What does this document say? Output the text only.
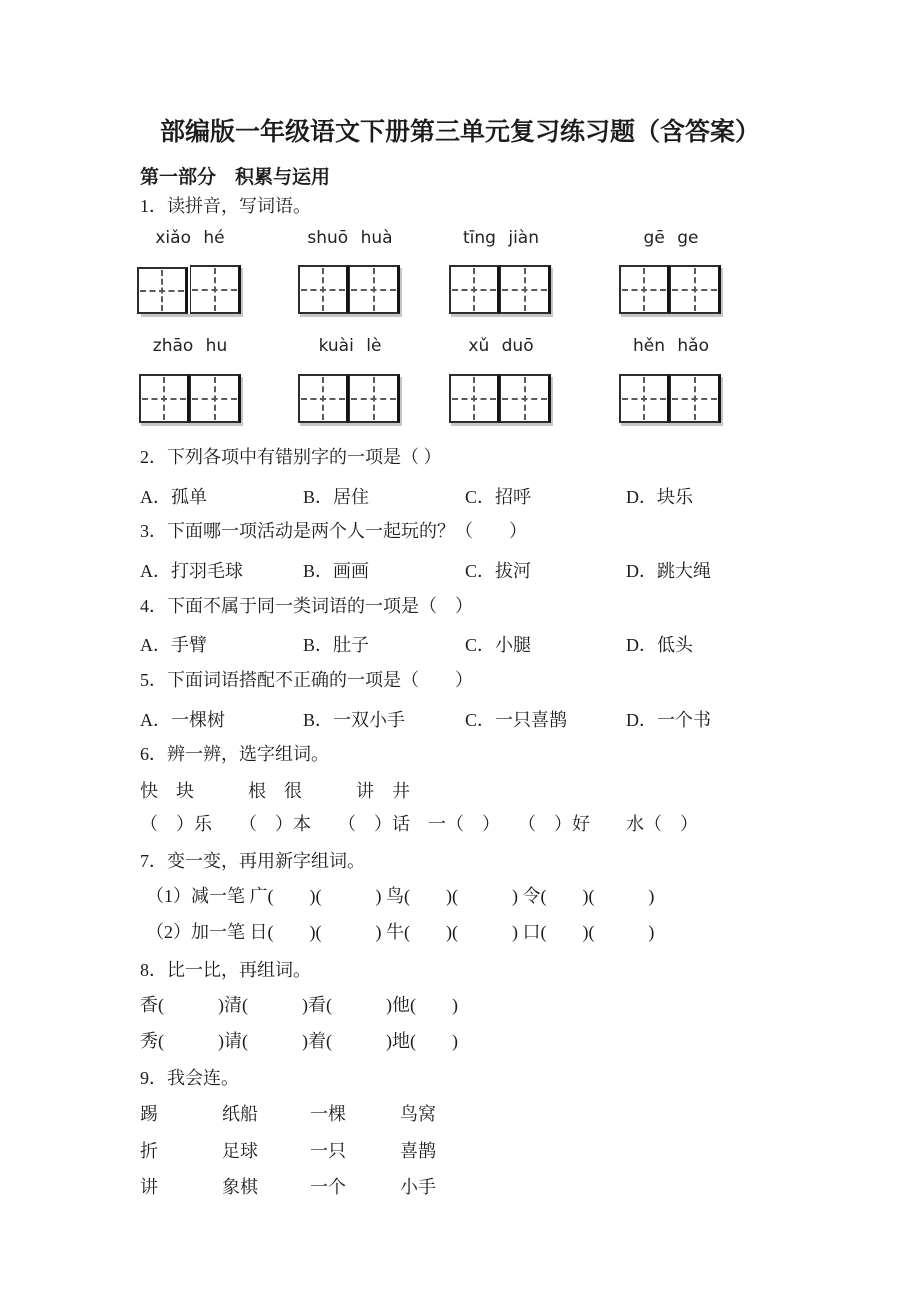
部编版一年级语文下册第三单元复习练习题（含答案）
第一部分　积累与运用
1．读拼音，写词语。
xiǎo hé	shuō huà	tīng jiàn	gē ge
zhāo hu	kuài lè	xǔ duō	hěn hǎo
2．下列各项中有错别字的一项是（ ）
A．孤单	B．居住	C．招呼	D．块乐
3．下面哪一项活动是两个人一起玩的？（　　）
A．打羽毛球	B．画画	C．拔河	D．跳大绳
4．下面不属于同一类词语的一项是（　）
A．手臂	B．肚子	C．小腿	D．低头
5．下面词语搭配不正确的一项是（　　）
A．一棵树	B．一双小手	C．一只喜鹊	D．一个书
6．辨一辨，选字组词。
快　块　　　根　很　　　讲　井
（　）乐　　（　）本　　（　）话　一（　）　　（　）好　　水（　）
7．变一变，再用新字组词。
（1）减一笔 广(　　)(　　　) 鸟(　　)(　　　) 令(　　)(　　　)
（2）加一笔 日(　　)(　　　) 牛(　　)(　　　) 口(　　)(　　　)
8．比一比，再组词。
香(　　　)清(　　　)看(　　　)他(　　)
秀(　　　)请(　　　)着(　　　)地(　　)
9．我会连。
踢	纸船	一棵	鸟窝
折	足球	一只	喜鹊
讲	象棋	一个	小手
